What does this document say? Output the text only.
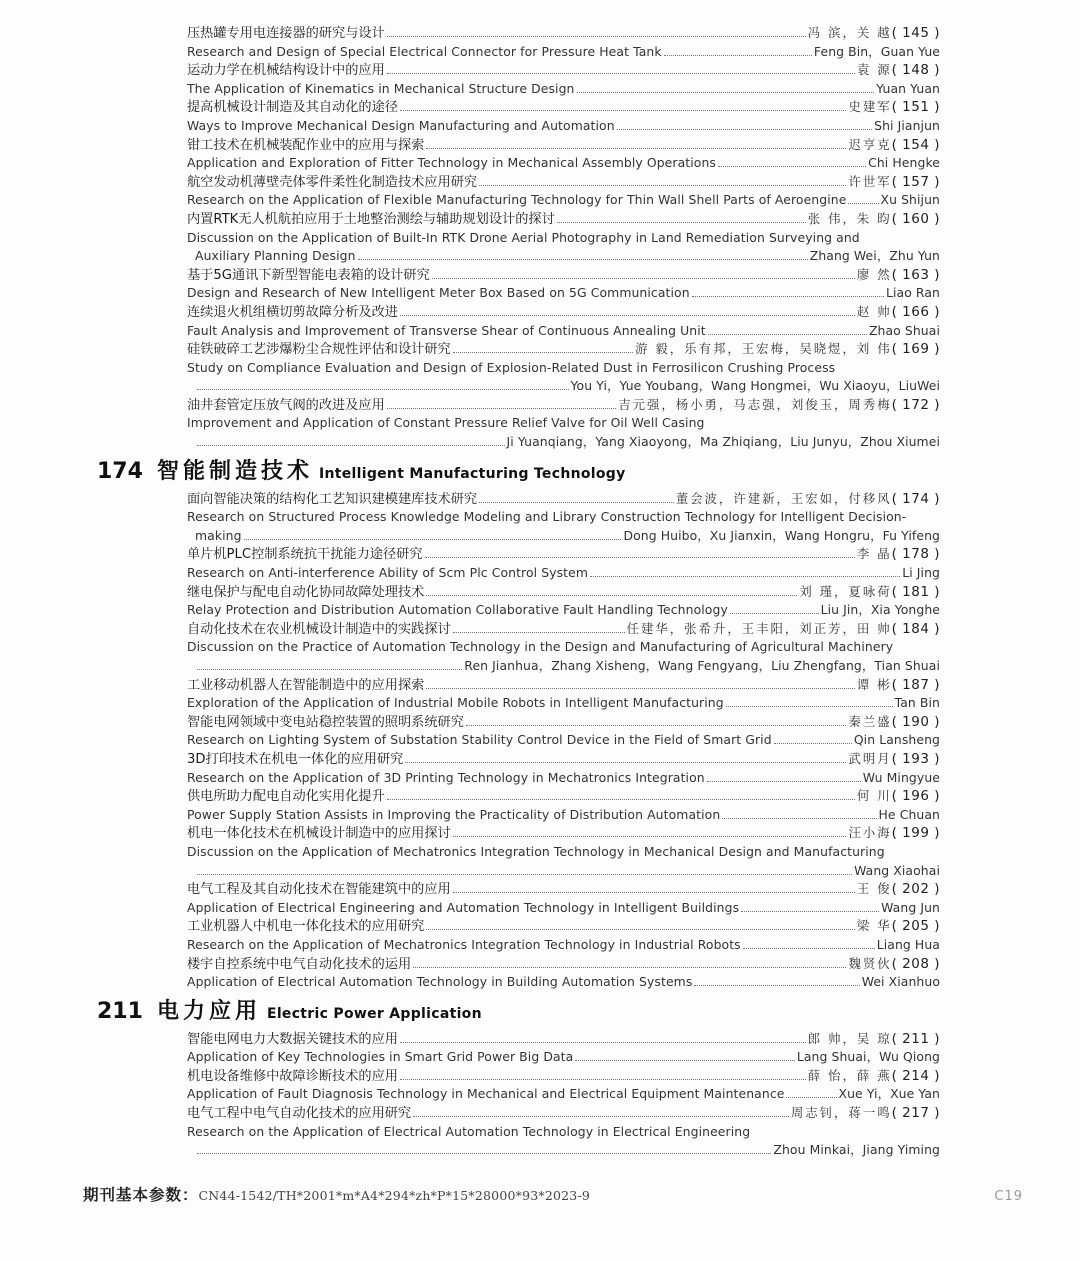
压热罐专用电连接器的研究与设计	冯 滨，关 越 ( 145 )
Research and Design of Special Electrical Connector for Pressure Heat Tank	Feng Bin，Guan Yue
运动力学在机械结构设计中的应用	袁 源 ( 148 )
The Application of Kinematics in Mechanical Structure Design	Yuan Yuan
提高机械设计制造及其自动化的途径	史建军 ( 151 )
Ways to Improve Mechanical Design Manufacturing and Automation	Shi Jianjun
钳工技术在机械装配作业中的应用与探索	迟亨克 ( 154 )
Application and Exploration of Fitter Technology in Mechanical Assembly Operations	Chi Hengke
航空发动机薄壁壳体零件柔性化制造技术应用研究	许世军 ( 157 )
Research on the Application of Flexible Manufacturing Technology for Thin Wall Shell Parts of Aeroengine	Xu Shijun
内置RTK无人机航拍应用于土地整治测绘与辅助规划设计的探讨	张 伟，朱 昀 ( 160 )
Discussion on the Application of Built-In RTK Drone Aerial Photography in Land Remediation Surveying and
Auxiliary Planning Design	Zhang Wei，Zhu Yun
基于5G通讯下新型智能电表箱的设计研究	廖 然 ( 163 )
Design and Research of New Intelligent Meter Box Based on 5G Communication	Liao Ran
连续退火机组横切剪故障分析及改进	赵 帅 ( 166 )
Fault Analysis and Improvement of Transverse Shear of Continuous Annealing Unit	Zhao Shuai
硅铁破碎工艺涉爆粉尘合规性评估和设计研究	游 毅，乐有邦，王宏梅，吴晓煜，刘 伟 ( 169 )
Study on Compliance Evaluation and Design of Explosion-Related Dust in Ferrosilicon Crushing Process
You Yi，Yue Youbang，Wang Hongmei，Wu Xiaoyu，LiuWei
油井套管定压放气阀的改进及应用	吉元强，杨小勇，马志强，刘俊玉，周秀梅 ( 172 )
Improvement and Application of Constant Pressure Relief Valve for Oil Well Casing
Ji Yuanqiang，Yang Xiaoyong，Ma Zhiqiang，Liu Junyu，Zhou Xiumei
174 智能制造技术 Intelligent Manufacturing Technology
面向智能决策的结构化工艺知识建模建库技术研究	董会波，许建新，王宏如，付移风 ( 174 )
Research on Structured Process Knowledge Modeling and Library Construction Technology for Intelligent Decision-
making	Dong Huibo，Xu Jianxin，Wang Hongru，Fu Yifeng
单片机PLC控制系统抗干扰能力途径研究	李 晶 ( 178 )
Research on Anti-interference Ability of Scm Plc Control System	Li Jing
继电保护与配电自动化协同故障处理技术	刘 瑾，夏咏荷 ( 181 )
Relay Protection and Distribution Automation Collaborative Fault Handling Technology	Liu Jin，Xia Yonghe
自动化技术在农业机械设计制造中的实践探讨	任建华，张希升，王丰阳，刘正芳，田 帅 ( 184 )
Discussion on the Practice of Automation Technology in the Design and Manufacturing of Agricultural Machinery
Ren Jianhua，Zhang Xisheng，Wang Fengyang，Liu Zhengfang，Tian Shuai
工业移动机器人在智能制造中的应用探索	谭 彬 ( 187 )
Exploration of the Application of Industrial Mobile Robots in Intelligent Manufacturing	Tan Bin
智能电网领域中变电站稳控装置的照明系统研究	秦兰盛 ( 190 )
Research on Lighting System of Substation Stability Control Device in the Field of Smart Grid	Qin Lansheng
3D打印技术在机电一体化的应用研究	武明月 ( 193 )
Research on the Application of 3D Printing Technology in Mechatronics Integration	Wu Mingyue
供电所助力配电自动化实用化提升	何 川 ( 196 )
Power Supply Station Assists in Improving the Practicality of Distribution Automation	He Chuan
机电一体化技术在机械设计制造中的应用探讨	汪小海 ( 199 )
Discussion on the Application of Mechatronics Integration Technology in Mechanical Design and Manufacturing
Wang Xiaohai
电气工程及其自动化技术在智能建筑中的应用	王 俊 ( 202 )
Application of Electrical Engineering and Automation Technology in Intelligent Buildings	Wang Jun
工业机器人中机电一体化技术的应用研究	梁 华 ( 205 )
Research on the Application of Mechatronics Integration Technology in Industrial Robots	Liang Hua
楼宇自控系统中电气自动化技术的运用	魏贤伙 ( 208 )
Application of Electrical Automation Technology in Building Automation Systems	Wei Xianhuo
211 电力应用 Electric Power Application
智能电网电力大数据关键技术的应用	郎 帅，吴 琼 ( 211 )
Application of Key Technologies in Smart Grid Power Big Data	Lang Shuai，Wu Qiong
机电设备维修中故障诊断技术的应用	薛 怡，薛 燕 ( 214 )
Application of Fault Diagnosis Technology in Mechanical and Electrical Equipment Maintenance	Xue Yi，Xue Yan
电气工程中电气自动化技术的应用研究	周志钊，蒋一鸣 ( 217 )
Research on the Application of Electrical Automation Technology in Electrical Engineering
Zhou Minkai，Jiang Yiming
期刊基本参数： CN44-1542/TH*2001*m*A4*294*zh*P*15*28000*93*2023-9	C19
